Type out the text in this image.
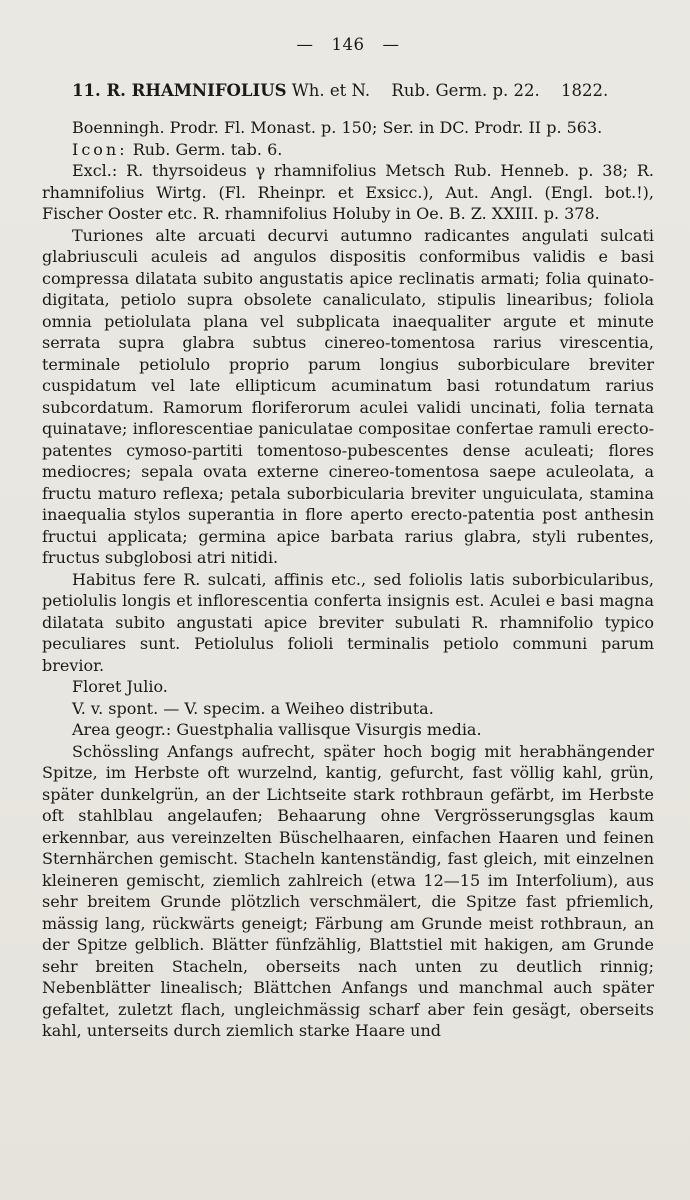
— 146 —
11. R. RHAMNIFOLIUS Wh. et N. Rub. Germ. p. 22. 1822.

Boenningh. Prodr. Fl. Monast. p. 150; Ser. in DC. Prodr. II p. 563.

Icon: Rub. Germ. tab. 6.

Excl.: R. thyrsoideus γ rhamnifolius Metsch Rub. Henneb. p. 38; R. rhamnifolius Wirtg. (Fl. Rheinpr. et Exsicc.), Aut. Angl. (Engl. bot.!), Fischer Ooster etc. R. rhamnifolius Holuby in Oe. B. Z. XXIII. p. 378.

Turiones alte arcuati decurvi autumno radicantes angulati sulcati glabriusculi aculeis ad angulos dispositis conformibus validis e basi compressa dilatata subito angustatis apice reclinatis armati; folia quinato-digitata, petiolo supra obsolete canaliculato, stipulis linearibus; foliola omnia petiolulata plana vel subplicata inaequaliter argute et minute serrata supra glabra subtus cinereo-tomentosa rarius virescentia, terminale petiolulo proprio parum longius suborbiculare breviter cuspidatum vel late ellipticum acuminatum basi rotundatum rarius subcordatum. Ramorum floriferorum aculei validi uncinati, folia ternata quinatave; inflorescentiae paniculatae compositae confertae ramuli erecto-patentes cymoso-partiti tomentoso-pubescentes dense aculeati; flores mediocres; sepala ovata externe cinereo-tomentosa saepe aculeolata, a fructu maturo reflexa; petala suborbicularia breviter unguiculata, stamina inaequalia stylos superantia in flore aperto erecto-patentia post anthesin fructui applicata; germina apice barbata rarius glabra, styli rubentes, fructus subglobosi atri nitidi.

Habitus fere R. sulcati, affinis etc., sed foliolis latis suborbicularibus, petiolulis longis et inflorescentia conferta insignis est. Aculei e basi magna dilatata subito angustati apice breviter subulati R. rhamnifolio typico peculiares sunt. Petiolulus folioli terminalis petiolo communi parum brevior.

Floret Julio.

V. v. spont. — V. specim. a Weiheo distributa.

Area geogr.: Guestphalia vallisque Visurgis media.

Schössling Anfangs aufrecht, später hoch bogig mit herabhängender Spitze, im Herbste oft wurzelnd, kantig, gefurcht, fast völlig kahl, grün, später dunkelgrün, an der Lichtseite stark rothbraun gefärbt, im Herbste oft stahlblau angelaufen; Behaarung ohne Vergrösserungsglas kaum erkennbar, aus vereinzelten Büschelhaaren, einfachen Haaren und feinen Sternhärchen gemischt. Stacheln kantenständig, fast gleich, mit einzelnen kleineren gemischt, ziemlich zahlreich (etwa 12—15 im Interfolium), aus sehr breitem Grunde plötzlich verschmälert, die Spitze fast pfriemlich, mässig lang, rückwärts geneigt; Färbung am Grunde meist rothbraun, an der Spitze gelblich. Blätter fünfzählig, Blattstiel mit hakigen, am Grunde sehr breiten Stacheln, oberseits nach unten zu deutlich rinnig; Nebenblätter linealisch; Blättchen Anfangs und manchmal auch später gefaltet, zuletzt flach, ungleichmässig scharf aber fein gesägt, oberseits kahl, unterseits durch ziemlich starke Haare und
